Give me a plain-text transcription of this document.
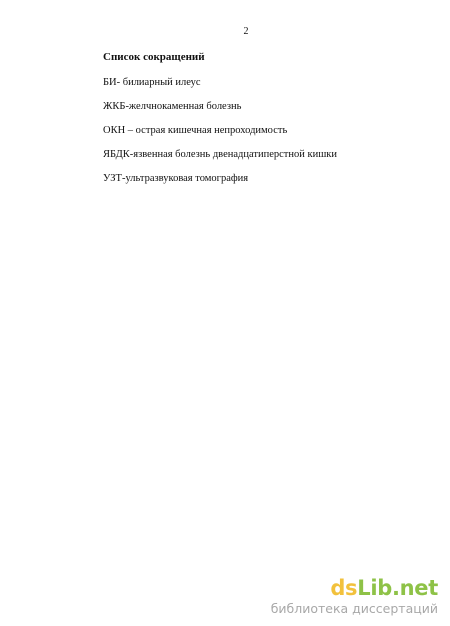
2
Список сокращений
БИ- билиарный илеус
ЖКБ-желчнокаменная болезнь
ОКН – острая кишечная непроходимость
ЯБДК-язвенная болезнь двенадцатиперстной кишки
УЗТ-ультразвуковая томография
dsLib.net
библиотека диссертаций
